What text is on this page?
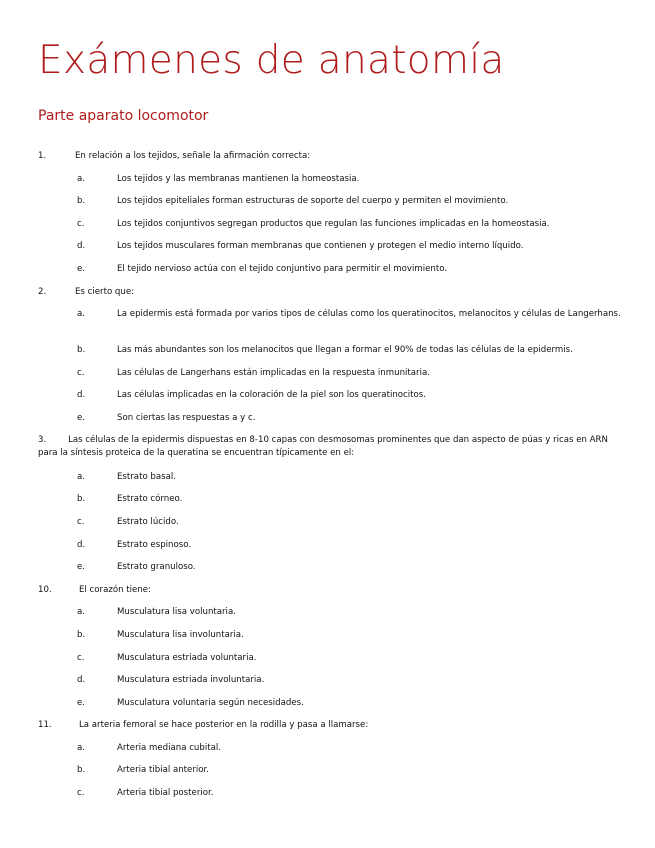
Exámenes de anatomía
Parte aparato locomotor
1.	En relación a los tejidos, señale la afirmación correcta:
a.	Los tejidos y las membranas mantienen la homeostasia.
b.	Los tejidos epiteliales forman estructuras de soporte del cuerpo y permiten el movimiento.
c.	Los tejidos conjuntivos segregan productos que regulan las funciones implicadas en la homeostasia.
d.	Los tejidos musculares forman membranas que contienen y protegen el medio interno líquido.
e.	El tejido nervioso actúa con el tejido conjuntivo para permitir el movimiento.
2.	Es cierto que:
a.	La epidermis está formada por varios tipos de células como los queratinocitos, melanocitos y células de Langerhans.
b.	Las más abundantes son los melanocitos que llegan a formar el 90% de todas las células de la epidermis.
c.	Las células de Langerhans están implicadas en la respuesta inmunitaria.
d.	Las células implicadas en la coloración de la piel son los queratinocitos.
e.	Son ciertas las respuestas a y c.
3.	Las células de la epidermis dispuestas en 8-10 capas con desmosomas prominentes que dan aspecto de púas y ricas en ARN para la síntesis proteica de la queratina se encuentran típicamente en el:
a.	Estrato basal.
b.	Estrato córneo.
c.	Estrato lúcido.
d.	Estrato espinoso.
e.	Estrato granuloso.
10.	El corazón tiene:
a.	Musculatura lisa voluntaria.
b.	Musculatura lisa involuntaria.
c.	Musculatura estriada voluntaria.
d.	Musculatura estriada involuntaria.
e.	Musculatura voluntaria según necesidades.
11.	La arteria femoral se hace posterior en la rodilla y pasa a llamarse:
a.	Arteria mediana cubital.
b.	Arteria tibial anterior.
c.	Arteria tibial posterior.
